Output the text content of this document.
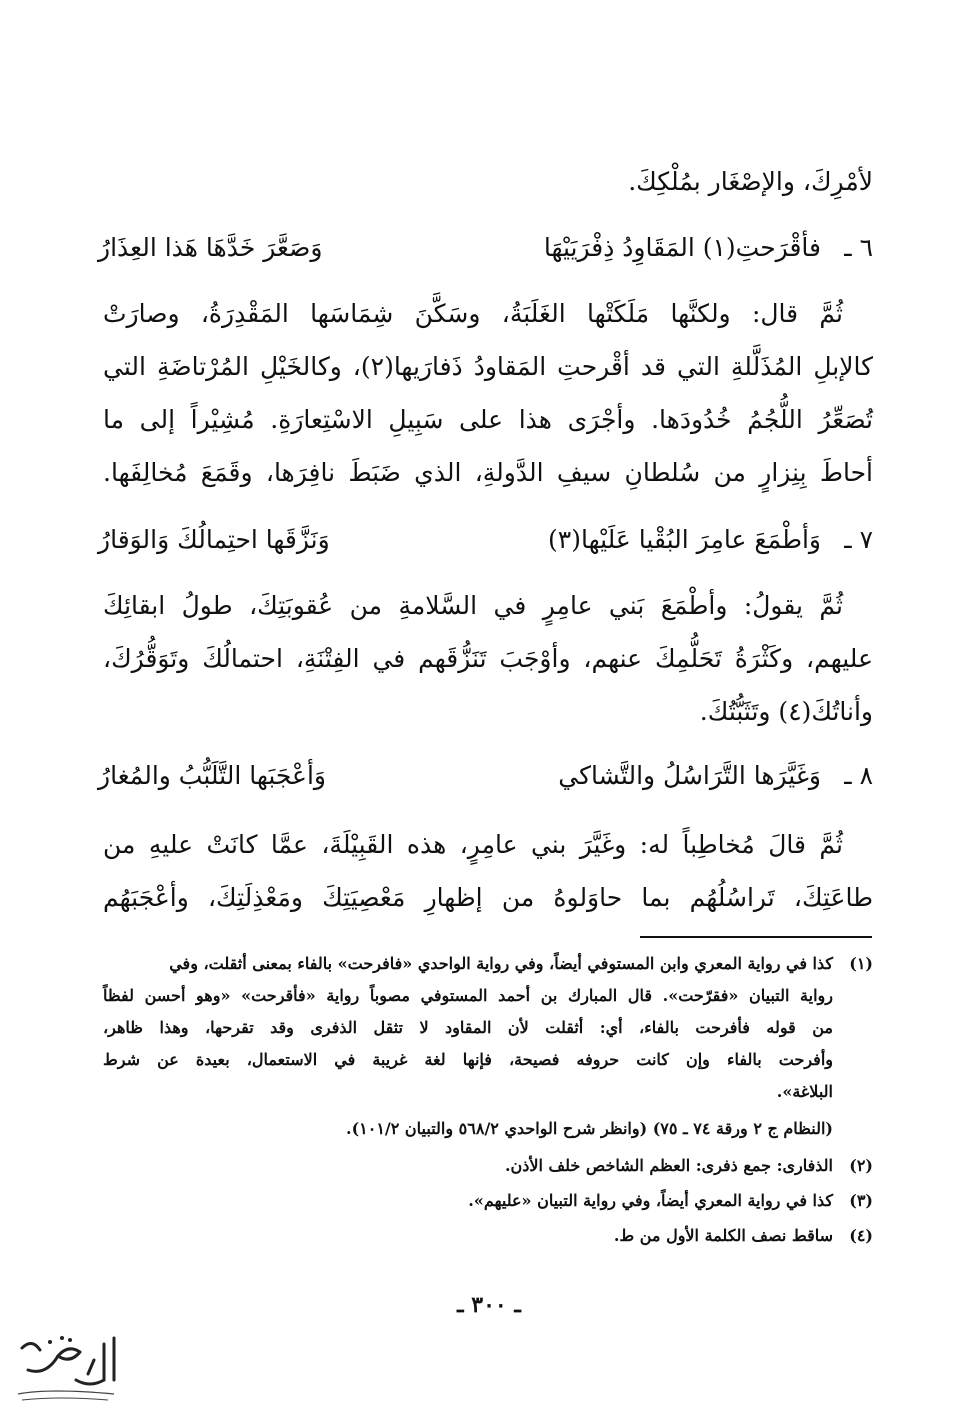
لأمْرِكَ، والإصْغَار بمُلْكِكَ.
٦ ـ
فأقْرَحتِ(١) المَقَاوِدُ ذِفْرَيَيْهَا
وَصَعَّرَ خَدَّهَا هَذا العِذَارُ
ثُمَّ قال: ولكنَّها مَلَكَتْها الغَلَبَةُ، وسَكَّنَ شِمَاسَها المَقْدِرَةُ، وصارَتْ
كالإبلِ المُذَلَّلةِ التي قد أقْرحتِ المَقاودُ ذَفارَيها(٢)، وكالخَيْلِ المُرْتاضَةِ التي
تُصَعِّرُ اللُّجُمُ خُدُودَها. وأجْرَى هذا على سَبِيلِ الاسْتِعارَةِ. مُشِيْراً إلى ما
أحاطَ بِنِزارٍ من سُلطانِ سيفِ الدَّولةِ، الذي ضَبَطَ نافِرَها، وقَمَعَ مُخالِفَها.
٧ ـ
وَأطْمَعَ عامِرَ البُقْيا عَلَيْها(٣)
وَنَزَّقَها احتِمالُكَ وَالوَقارُ
ثُمَّ يقولُ: وأطْمَعَ بَني عامِرٍ في السَّلامةِ من عُقوبَتِكَ، طولُ ابقائِكَ
عليهم، وكَثْرَةُ تَحَلُّمِكَ عنهم، وأوْجَبَ تَنَزُّقَهم في الفِتْنَةِ، احتمالُكَ وتَوَقُّرُكَ،
وأناتُكَ(٤) وتَثَبُّتُكَ.
٨ ـ
وَغَيَّرَها التَّرَاسُلُ والتَّشاكي
وَأعْجَبَها التَّلَبُّبُ والمُغارُ
ثُمَّ قالَ مُخاطِباً له: وغَيَّرَ بني عامِرٍ، هذه القَبِيْلَةَ، عمَّا كانَتْ عليهِ من
طاعَتِكَ، تَراسُلُهُم بما حاوَلوهُ من إظهارِ مَعْصِيَتِكَ ومَعْذِلَتِكَ، وأعْجَبَهُم
(١)كذا في رواية المعري وابن المستوفي أيضاً، وفي رواية الواحدي «فافرحت» بالفاء بمعنى أثقلت، وفي
رواية التبيان «فقرّحت». قال المبارك بن أحمد المستوفي مصوباً رواية «فأقرحت» «وهو أحسن لفظاً
من قوله فأفرحت بالفاء، أي: أثقلت لأن المقاود لا تثقل الذفرى وقد تقرحها، وهذا ظاهر،
وأفرحت بالفاء وإن كانت حروفه فصيحة، فإنها لغة غريبة في الاستعمال، بعيدة عن شرط
البلاغة».
(النظام ج ٢ ورقة ٧٤ ـ ٧٥) (وانظر شرح الواحدي ٥٦٨/٢ والتبيان ١٠١/٢).
(٢)الذفارى: جمع ذفرى: العظم الشاخص خلف الأذن.
(٣)كذا في رواية المعري أيضاً، وفي رواية التبيان «عليهم».
(٤)ساقط نصف الكلمة الأول من ط.
ـ ٣٠٠ ـ
